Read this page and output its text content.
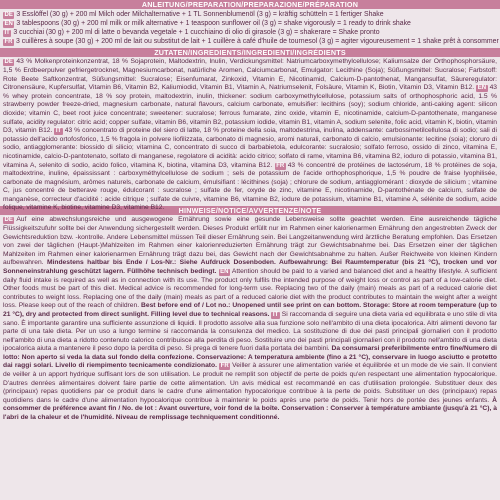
ANLEITUNG/PREPARATION/PREPARAZIONE/PRÉPARATION
DE 3 Esslöffel (30 g) + 200 ml Milch oder Milchalternative + 1 TL Sonnenblumenöl (3 g) = kräftig schütteln = 1 fertiger Shake
EN 3 tablespoons (30 g) + 200 ml milk or milk alternative + 1 teaspoon sunflower oil (3 g) = shake vigorously = 1 ready to drink shake
IT 3 cucchiai (30 g) + 200 ml di latte o bevanda vegetale + 1 cucchiaino di olio di girasole (3 g) = shakerare = Shake pronto
FR 3 cuillères à soupe (30 g) + 200 ml de lait ou substitut de lait + 1 cuillère à café d'huile de tournesol (3 g) = agiter vigoureusement = 1 shake prêt à consommer
ZUTATEN/INGREDIENTS/INGREDIENTI/INGRÉDIENTS
DE 43 % Molkenproteinkonzentrat, 18 % Sojaprotein, Maltodextrin, Inulin, Verdickungsmittel: Natriumcarboxymethylcellulose; Kaliumsalze der Orthophosphorsäure, 1,5 % Erdbeerpulver gefriergetrocknet, Magnesiumcarbonat, natürliche Aromen, Calciumcarbonat, Emulgator: Lecithine (Soja); Süßungsmittel: Sucralose; Farbstoff: Rote Beete Saftkonzentrat, Süßungsmittel: Sucralose; Eisenfumarat, Zinkoxid, Vitamin E, Nicotinamid, Calcium-D-pantothenat, Mangansulfat, Säureregulator: Citronensäure, Kupfersulfat, Vitamin B6, Vitamin B2, Kaliumiodid, Vitamin B1, Vitamin A, Natriumselenit, Folsäure, Vitamin K, Biotin, Vitamin D3, Vitamin B12. EN 43 % whey protein concentrate, 18 % soy protein, maltodextrin, inulin, thickener: sodium carboxymethylcellulose, potassium salts of orthophosphoric acid, 1.5 % strawberry powder freeze-dried, magnesium carbonate, natural flavours, calcium carbonate, emulsifier: lecithins (soy); sodium chloride, anti-caking agent: silicon dioxide; vitamin C, beet root juice concentrate; sweetener: sucralose; ferrous fumarate, zinc oxide, vitamin E, nicotinamide, calcium-D-pantothenate, manganese sulfate, acidity regulator: citric acid; copper sulfate, vitamin B6, vitamin B2, potassium iodide, vitamin B1, vitamin A, sodium selenite, folic acid, vitamin K, biotin, vitamin D3, vitamin B12. IT 43 % concentrato di proteine del siero di latte, 18 % proteine della soia, maltodestrina, inulina, addensante: carbossimetilcellulosa di sodio; sali di potassio dell'acido ortofosforico, 1,5 % fragola in polvere liofilizzata, carbonato di magnesio, aromi naturali, carbonato di calcio, emulsionante: lecitine (soia); cloruro di sodio, antiagglomerante: biossido di silicio; vitamina C, concentrato di succo di barbabietola, edulcorante: sucralosio; solfato ferroso, ossido di zinco, vitamina E, nicotinamide, calcio-D-pantotenato, solfato di manganese, regolatore di acidità: acido citrico; solfato di rame, vitamina B6, vitamina B2, ioduro di potassio, vitamina B1, vitamina A, selenito di sodio, acido folico, vitamina K, biotina, vitamina D3, vitamina B12. FR 43 % concentré de protéines de lactosérum, 18 % protéines de soja, maltodextrine, inuline, épaississant : carboxyméthylcellulose de sodium ; sels de potassium de l'acide orthophosphorique, 1,5 % poudre de fraise lyophilisée, carbonate de magnésium, arômes naturels, carbonate de calcium, émulsifiant : lécithines (soja) ; chlorure de sodium, antiagglomérant : dioxyde de silicium ; vitamine C, jus concentré de betterave rouge, édulcorant : sucralose ; sulfate de fer, oxyde de zinc, vitamine E, nicotinamide, D-pantothénate de calcium, sulfate de manganèse, correcteur d'acidité : acide citrique ; sulfate de cuivre, vitamine B6, vitamine B2, iodure de potassium, vitamine B1, vitamine A, sélénite de sodium, acide folique, vitamine K, biotine, vitamine D3, vitamine B12.	HINWEISE/NOTICE/AVVERTENZE/NOTE
DE Auf eine abwechslungsreiche und ausgewogene Ernährung sowie eine gesunde Lebensweise sollte geachtet werden. Eine ausreichende tägliche Flüssigkeitszufuhr sollte bei der Anwendung sichergestellt werden. Dieses Produkt erfüllt nur im Rahmen einer kalorienarmen Ernährung den angestrebten Zweck der Gewichtsreduktion bzw. -kontrolle. Andere Lebensmittel müssen Teil dieser Ernährung sein. Bei Langzeitanwendung wird ärztliche Beratung empfohlen. Das Ersetzen von zwei der täglichen (Haupt-)Mahlzeiten im Rahmen einer kalorienreduzierten Ernährung trägt zur Gewichtsabnahme bei. Das Ersetzen einer der täglichen Mahlzeiten im Rahmen einer kalorienarmen Ernährung trägt dazu bei, das Gewicht nach der Gewichtsabnahme zu halten. Außer Reichweite von kleinen Kindern aufbewahren. Mindestens haltbar bis Ende / Los-Nr.: Siehe Aufdruck Dosenboden. Aufbewahrung: Bei Raumtemperatur (bis 21 °C), trocken und vor Sonneneinstrahlung geschützt lagern. Füllhöhe technisch bedingt. EN Attention should be paid to a varied and balanced diet and a healthy lifestyle. A sufficient daily fluid intake is required as well as in connection with its use. The product only fulfils the intended purpose of weight loss or control as part of a low-calorie diet. Other foods must be part of this diet. Medical advice is recommended for long-term use. Replacing two of the daily (main) meals as part of a reduced calorie diet contributes to weight loss. Replacing one of the daily (main) meals as part of a reduced calorie diet with the product contributes to maintain the weight after a weight loss. Please keep out of the reach of children. Best before end of / Lot no.: Unopened until see print on can bottom. Storage: Store at room temperature (up to 21 °C), dry and protected from direct sunlight. Filling level due to technical reasons. IT Si raccomanda di seguire una dieta varia ed equilibrata e uno stile di vita sano. È importante garantire una sufficiente assunzione di liquidi. Il prodotto assolve alla sua funzione solo nell'ambito di una dieta ipocalorica. Altri alimenti devono far parte di una tale dieta. Per un uso a lungo termine si raccomanda la consulenza del medico. La sostituzione di due dei pasti principali giornalieri con il prodotto nell'ambito di una dieta a ridotto contenuto calorico contribuisce alla perdita di peso. Sostituire uno dei pasti principali giornalieri con il prodotto nell'ambito di una dieta ipocalorica aiuta a mantenere il peso dopo la perdita di peso. Si prega di tenere fuori dalla portata dei bambini. Da consumarsi preferibilmente entro fine/Numero di lotto: Non aperto si veda la data sul fondo della confezione. Conservazione: A temperatura ambiente (fino a 21 °C), conservare in luogo asciutto e protetto dai raggi solari. Livello di riempimento tecnicamente condizionato. FR Veiller à assurer une alimentation variée et équilibrée et un mode de vie sain. Il convient de veiller à un apport hydrique suffisant lors de son utilisation. Le produit ne remplit son objectif de perte de poids qu'en respectant une alimentation hypocalorique. D'autres denrées alimentaires doivent faire partie de cette alimentation. Un avis médical est recommandé en cas d'utilisation prolongée. Substituer deux des (principaux) repas quotidiens par ce produit dans le cadre d'une alimentation hypocalorique contribue à la perte de poids. Substituer un des (principaux) repas quotidiens dans le cadre d'une alimentation hypocalorique contribue à maintenir le poids après une perte de poids. Tenir hors de portée des jeunes enfants. À consommer de préférence avant fin / No. de lot : Avant ouverture, voir fond de la boîte. Conservation : Conserver à température ambiante (jusqu'à 21 °C), à l'abri de la chaleur et de l'humidité. Niveau de remplissage techniquement conditionné.
